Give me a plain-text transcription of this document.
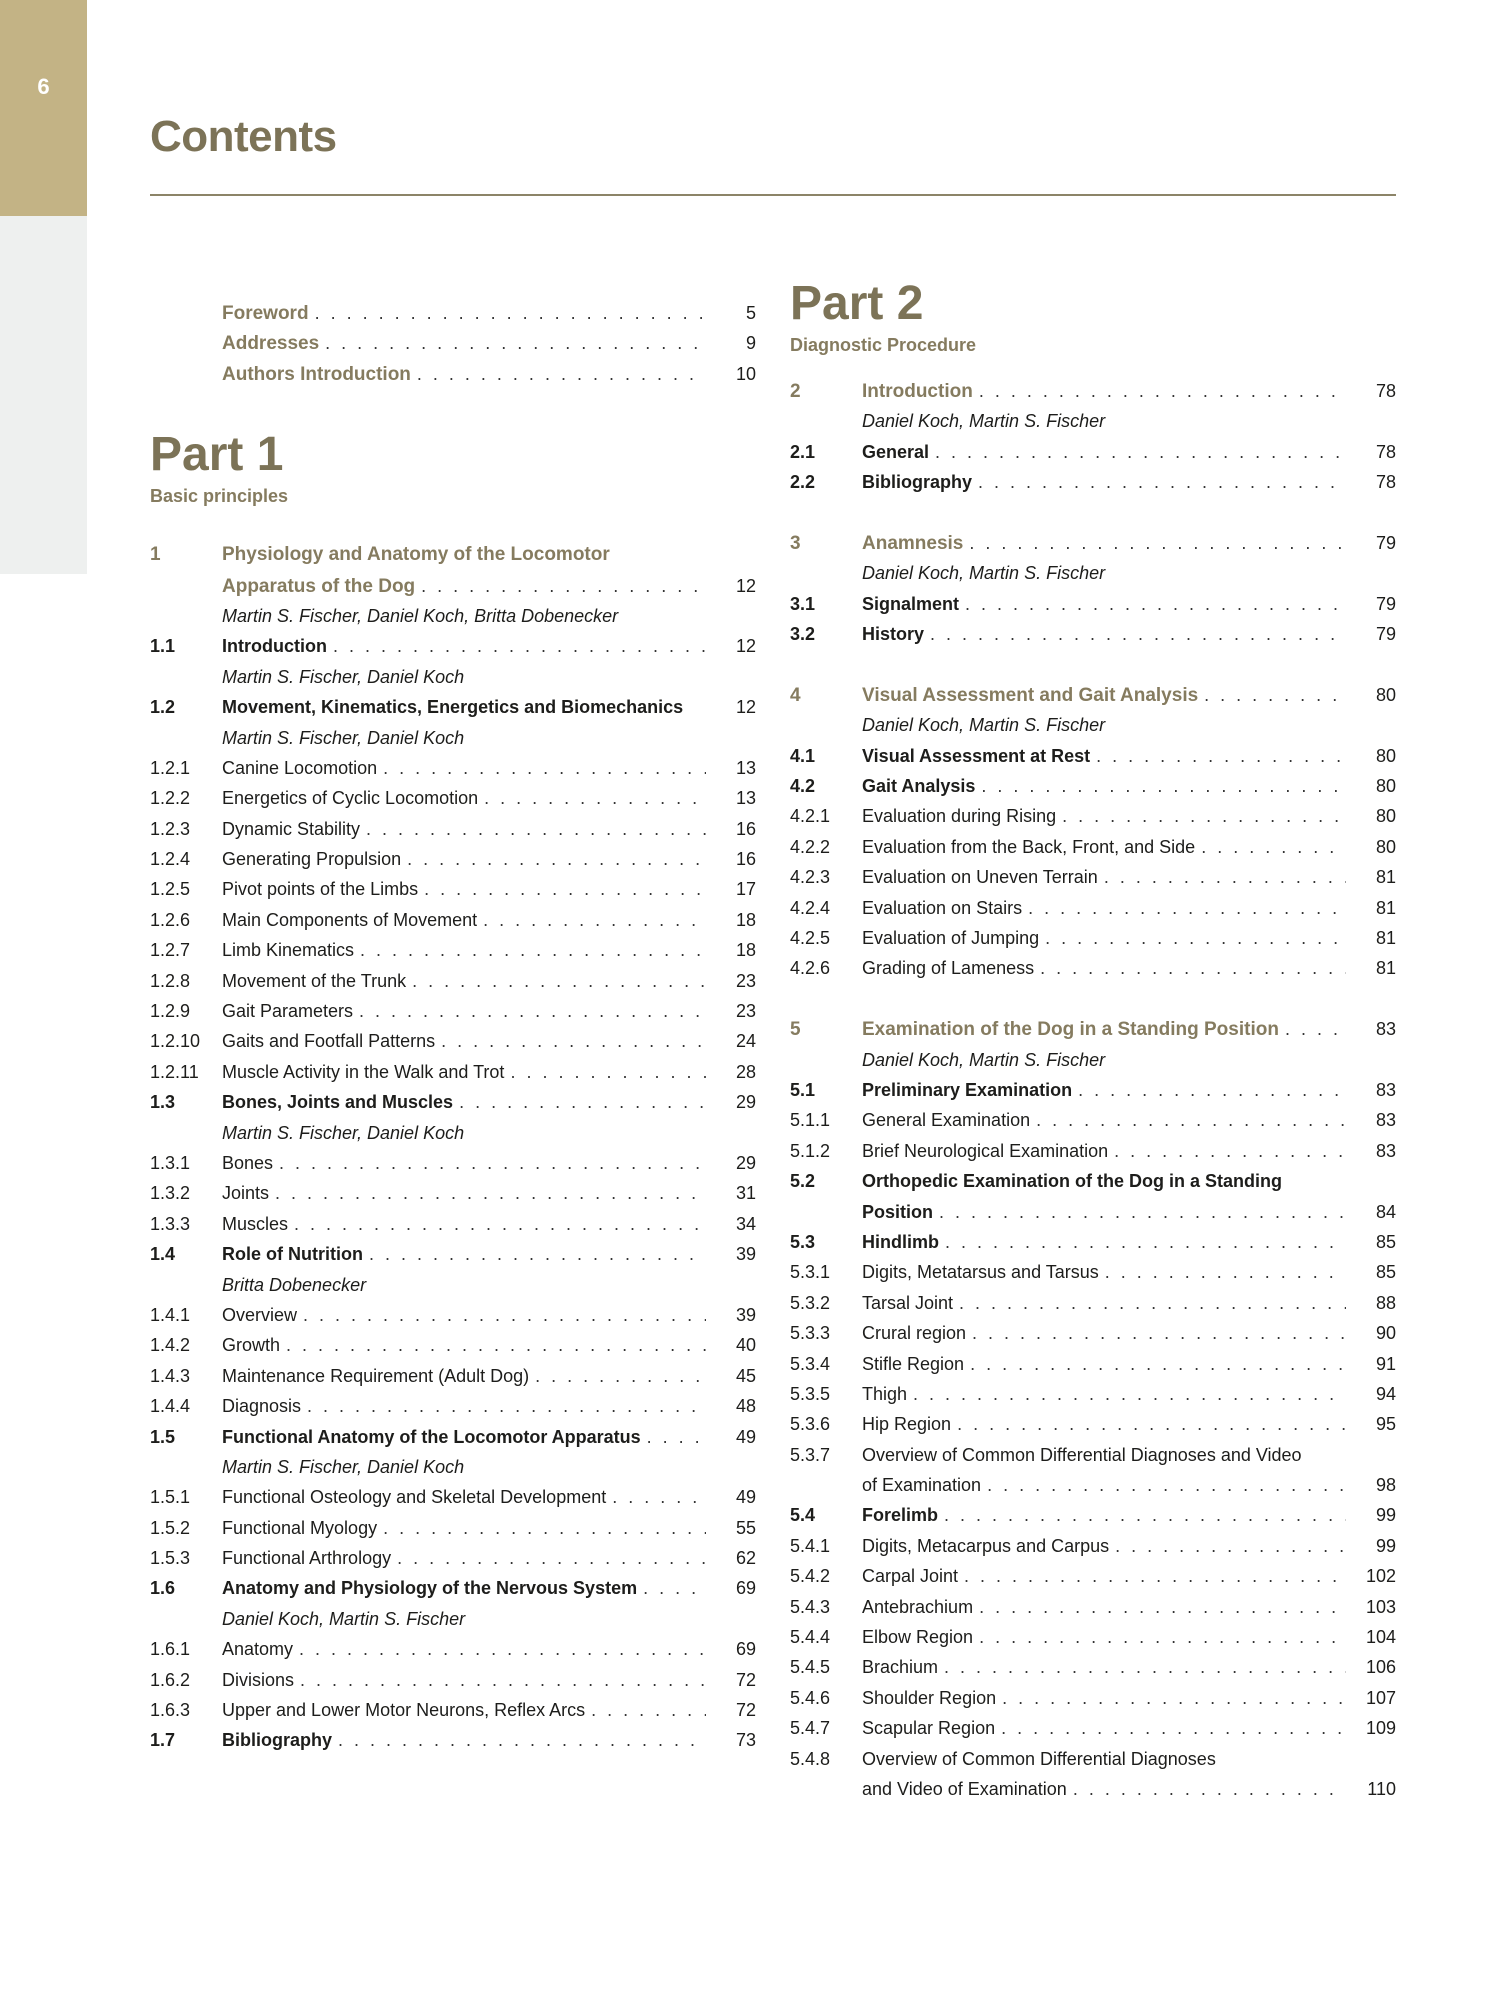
6
Contents
Foreword . . .	5
Addresses . . .	9
Authors Introduction . . .	10
Part 1
Basic principles
1	Physiology and Anatomy of the Locomotor
Apparatus of the Dog . . .	12
Martin S. Fischer, Daniel Koch, Britta Dobenecker
1.1	Introduction . . .	12
Martin S. Fischer, Daniel Koch
1.2	Movement, Kinematics, Energetics and Biomechanics	12
Martin S. Fischer, Daniel Koch
1.2.1	Canine Locomotion . . .	13
1.2.2	Energetics of Cyclic Locomotion . . .	13
1.2.3	Dynamic Stability . . .	16
1.2.4	Generating Propulsion . . .	16
1.2.5	Pivot points of the Limbs . . .	17
1.2.6	Main Components of Movement . . .	18
1.2.7	Limb Kinematics . . .	18
1.2.8	Movement of the Trunk . . .	23
1.2.9	Gait Parameters . . .	23
1.2.10	Gaits and Footfall Patterns . . .	24
1.2.11	Muscle Activity in the Walk and Trot . . .	28
1.3	Bones, Joints and Muscles . . .	29
Martin S. Fischer, Daniel Koch
1.3.1	Bones . . .	29
1.3.2	Joints . . .	31
1.3.3	Muscles . . .	34
1.4	Role of Nutrition . . .	39
Britta Dobenecker
1.4.1	Overview . . .	39
1.4.2	Growth . . .	40
1.4.3	Maintenance Requirement (Adult Dog) . . .	45
1.4.4	Diagnosis . . .	48
1.5	Functional Anatomy of the Locomotor Apparatus . . .	49
Martin S. Fischer, Daniel Koch
1.5.1	Functional Osteology and Skeletal Development . . .	49
1.5.2	Functional Myology . . .	55
1.5.3	Functional Arthrology . . .	62
1.6	Anatomy and Physiology of the Nervous System . . .	69
Daniel Koch, Martin S. Fischer
1.6.1	Anatomy . . .	69
1.6.2	Divisions . . .	72
1.6.3	Upper and Lower Motor Neurons, Reflex Arcs . . .	72
1.7	Bibliography . . .	73
Part 2
Diagnostic Procedure
2	Introduction . . .	78
Daniel Koch, Martin S. Fischer
2.1	General . . .	78
2.2	Bibliography . . .	78
3	Anamnesis . . .	79
Daniel Koch, Martin S. Fischer
3.1	Signalment . . .	79
3.2	History . . .	79
4	Visual Assessment and Gait Analysis . . .	80
Daniel Koch, Martin S. Fischer
4.1	Visual Assessment at Rest . . .	80
4.2	Gait Analysis . . .	80
4.2.1	Evaluation during Rising . . .	80
4.2.2	Evaluation from the Back, Front, and Side . . .	80
4.2.3	Evaluation on Uneven Terrain . . .	81
4.2.4	Evaluation on Stairs . . .	81
4.2.5	Evaluation of Jumping . . .	81
4.2.6	Grading of Lameness . . .	81
5	Examination of the Dog in a Standing Position . . .	83
Daniel Koch, Martin S. Fischer
5.1	Preliminary Examination . . .	83
5.1.1	General Examination . . .	83
5.1.2	Brief Neurological Examination . . .	83
5.2	Orthopedic Examination of the Dog in a Standing
Position . . .	84
5.3	Hindlimb . . .	85
5.3.1	Digits, Metatarsus and Tarsus . . .	85
5.3.2	Tarsal Joint . . .	88
5.3.3	Crural region . . .	90
5.3.4	Stifle Region . . .	91
5.3.5	Thigh . . .	94
5.3.6	Hip Region . . .	95
5.3.7	Overview of Common Differential Diagnoses and Video
of Examination . . .	98
5.4	Forelimb . . .	99
5.4.1	Digits, Metacarpus and Carpus . . .	99
5.4.2	Carpal Joint . . .	102
5.4.3	Antebrachium . . .	103
5.4.4	Elbow Region . . .	104
5.4.5	Brachium . . .	106
5.4.6	Shoulder Region . . .	107
5.4.7	Scapular Region . . .	109
5.4.8	Overview of Common Differential Diagnoses
and Video of Examination . . .	110
